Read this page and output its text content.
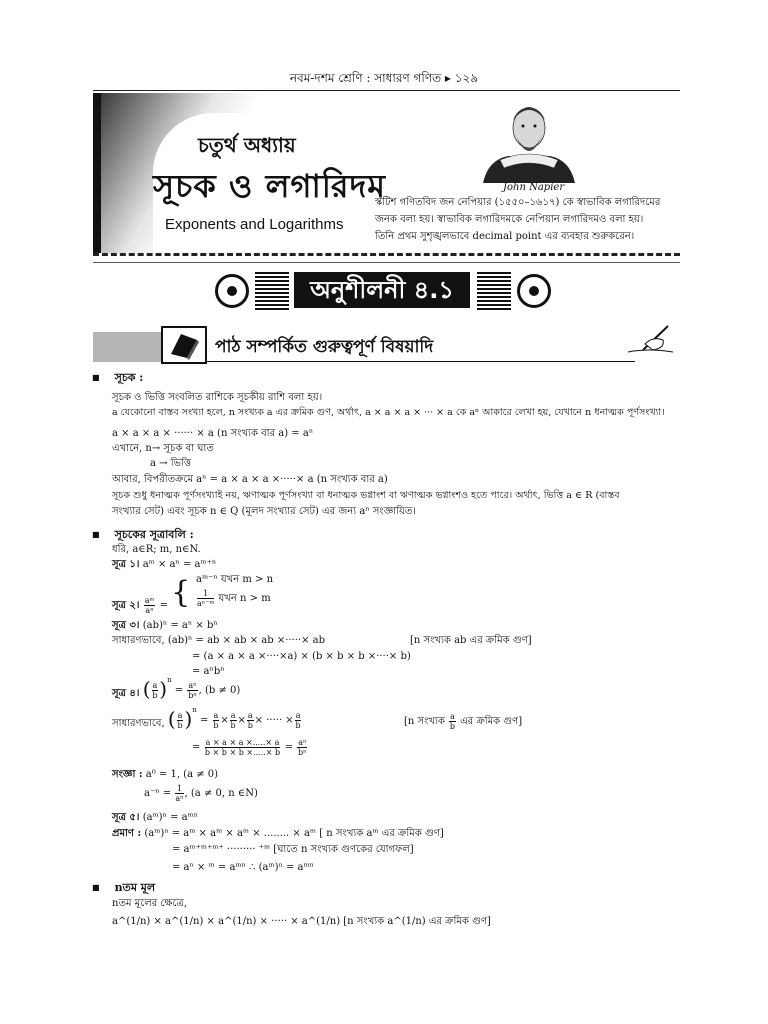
নবম-দশম শ্রেণি : সাধারণ গণিত ▸ ১২৯
চতুর্থ অধ্যায়
সূচক ও লগারিদম
Exponents and Logarithms
John Napier
স্কটিশ গণিতবিদ জন নেপিয়ার (১৫৫০–১৬১৭) কে স্বাভাবিক লগারিদমের
জনক বলা হয়। স্বাভাবিক লগারিদমকে নেপিয়ান লগারিদমও বলা হয়।
তিনি প্রথম সুশৃঙ্খলভাবে decimal point এর ব্যবহার শুরুকরেন।
অনুশীলনী ৪.১
পাঠ সম্পর্কিত গুরুত্বপূর্ণ বিষয়াদি
■ সূচক :
সূচক ও ভিত্তি সংবলিত রাশিকে সূচকীয় রাশি বলা হয়।
a যেকোনো বাস্তব সংখ্যা হলে, n সংখ্যক a এর ক্রমিক গুণ, অর্থাৎ, a × a × a × ··· × a কে aⁿ আকারে লেখা হয়, যেখানে n ধনাত্মক পূর্ণসংখ্যা।
a × a × a × ······ × a (n সংখ্যক বার a) = aⁿ
এখানে, n→ সূচক বা ঘাত
a → ভিত্তি
আবার, বিপরীতক্রমে aⁿ = a × a × a ×·····× a (n সংখ্যক বার a)
সূচক শুধু ধনাত্মক পূর্ণসংখ্যাই নয়, ঋণাত্মক পূর্ণসংখ্যা বা ধনাত্মক ভগ্নাংশ বা ঋণাত্মক ভগ্নাংশও হতে পারে। অর্থাৎ, ভিত্তি a ∈ R (বাস্তব
সংখ্যার সেট) এবং সূচক n ∈ Q (মূলদ সংখ্যার সেট) এর জন্য aⁿ সংজ্ঞায়িত।
■ সূচকের সূত্রাবলি :
ধরি, a∈R; m, n∈N.
সূত্র ১। aᵐ × aⁿ = aᵐ⁺ⁿ
সূত্র ২। $\frac{\text{aᵐ}}{\text{aⁿ}}$ = { aᵐ⁻ⁿ যখন m > n
$\frac{1}{\text{aⁿ⁻ᵐ}}$ যখন n > m
সূত্র ৩। (ab)ⁿ = aⁿ × bⁿ
সাধারণভাবে, (ab)ⁿ = ab × ab × ab ×·····× ab	[n সংখ্যক ab এর ক্রমিক গুণ]
= (a × a × a ×····×a) × (b × b × b ×····× b)
= aⁿbⁿ
সূত্র ৪। ( $\frac{a}{b} )^n = \frac{\text{aⁿ}}{\text{bⁿ}}$ , (b ≠ 0)
সাধারণভাবে, ( $\frac{a}{b} )^n = \frac{a}{b} \times \frac{a}{b} \times \frac{a}{b}$ × ····· × $\frac{a}{b}$	[n সংখ্যক $\frac{a}{b}$ এর ক্রমিক গুণ]
= $\frac{a \times a \times a \times.....\times a}{b \times b \times b \times.....\times b} = \frac{\text{aⁿ}}{\text{bⁿ}}$
সংজ্ঞা : a⁰ = 1, (a ≠ 0)
$a^{-n} = \frac{1}{\text{aⁿ}}$ , (a ≠ 0, n ∈N)
সূত্র ৫। (aᵐ)ⁿ = aᵐⁿ
প্রমাণ : (aᵐ)ⁿ = aᵐ × aᵐ × aᵐ × ........ × aᵐ [ n সংখ্যক aᵐ এর ক্রমিক গুণ]
= aᵐ⁺ᵐ⁺ᵐ⁺ ········· ⁺ᵐ [ঘাতে n সংখ্যক গুণকের যোগফল]
= aⁿ × ᵐ = aᵐⁿ ∴ (aᵐ)ⁿ = aᵐⁿ
■ nতম মূল
nতম মূলের ক্ষেত্রে,
a^(1/n) × a^(1/n) × a^(1/n) × ····· × a^(1/n) [n সংখ্যক a^(1/n) এর ক্রমিক গুণ]
